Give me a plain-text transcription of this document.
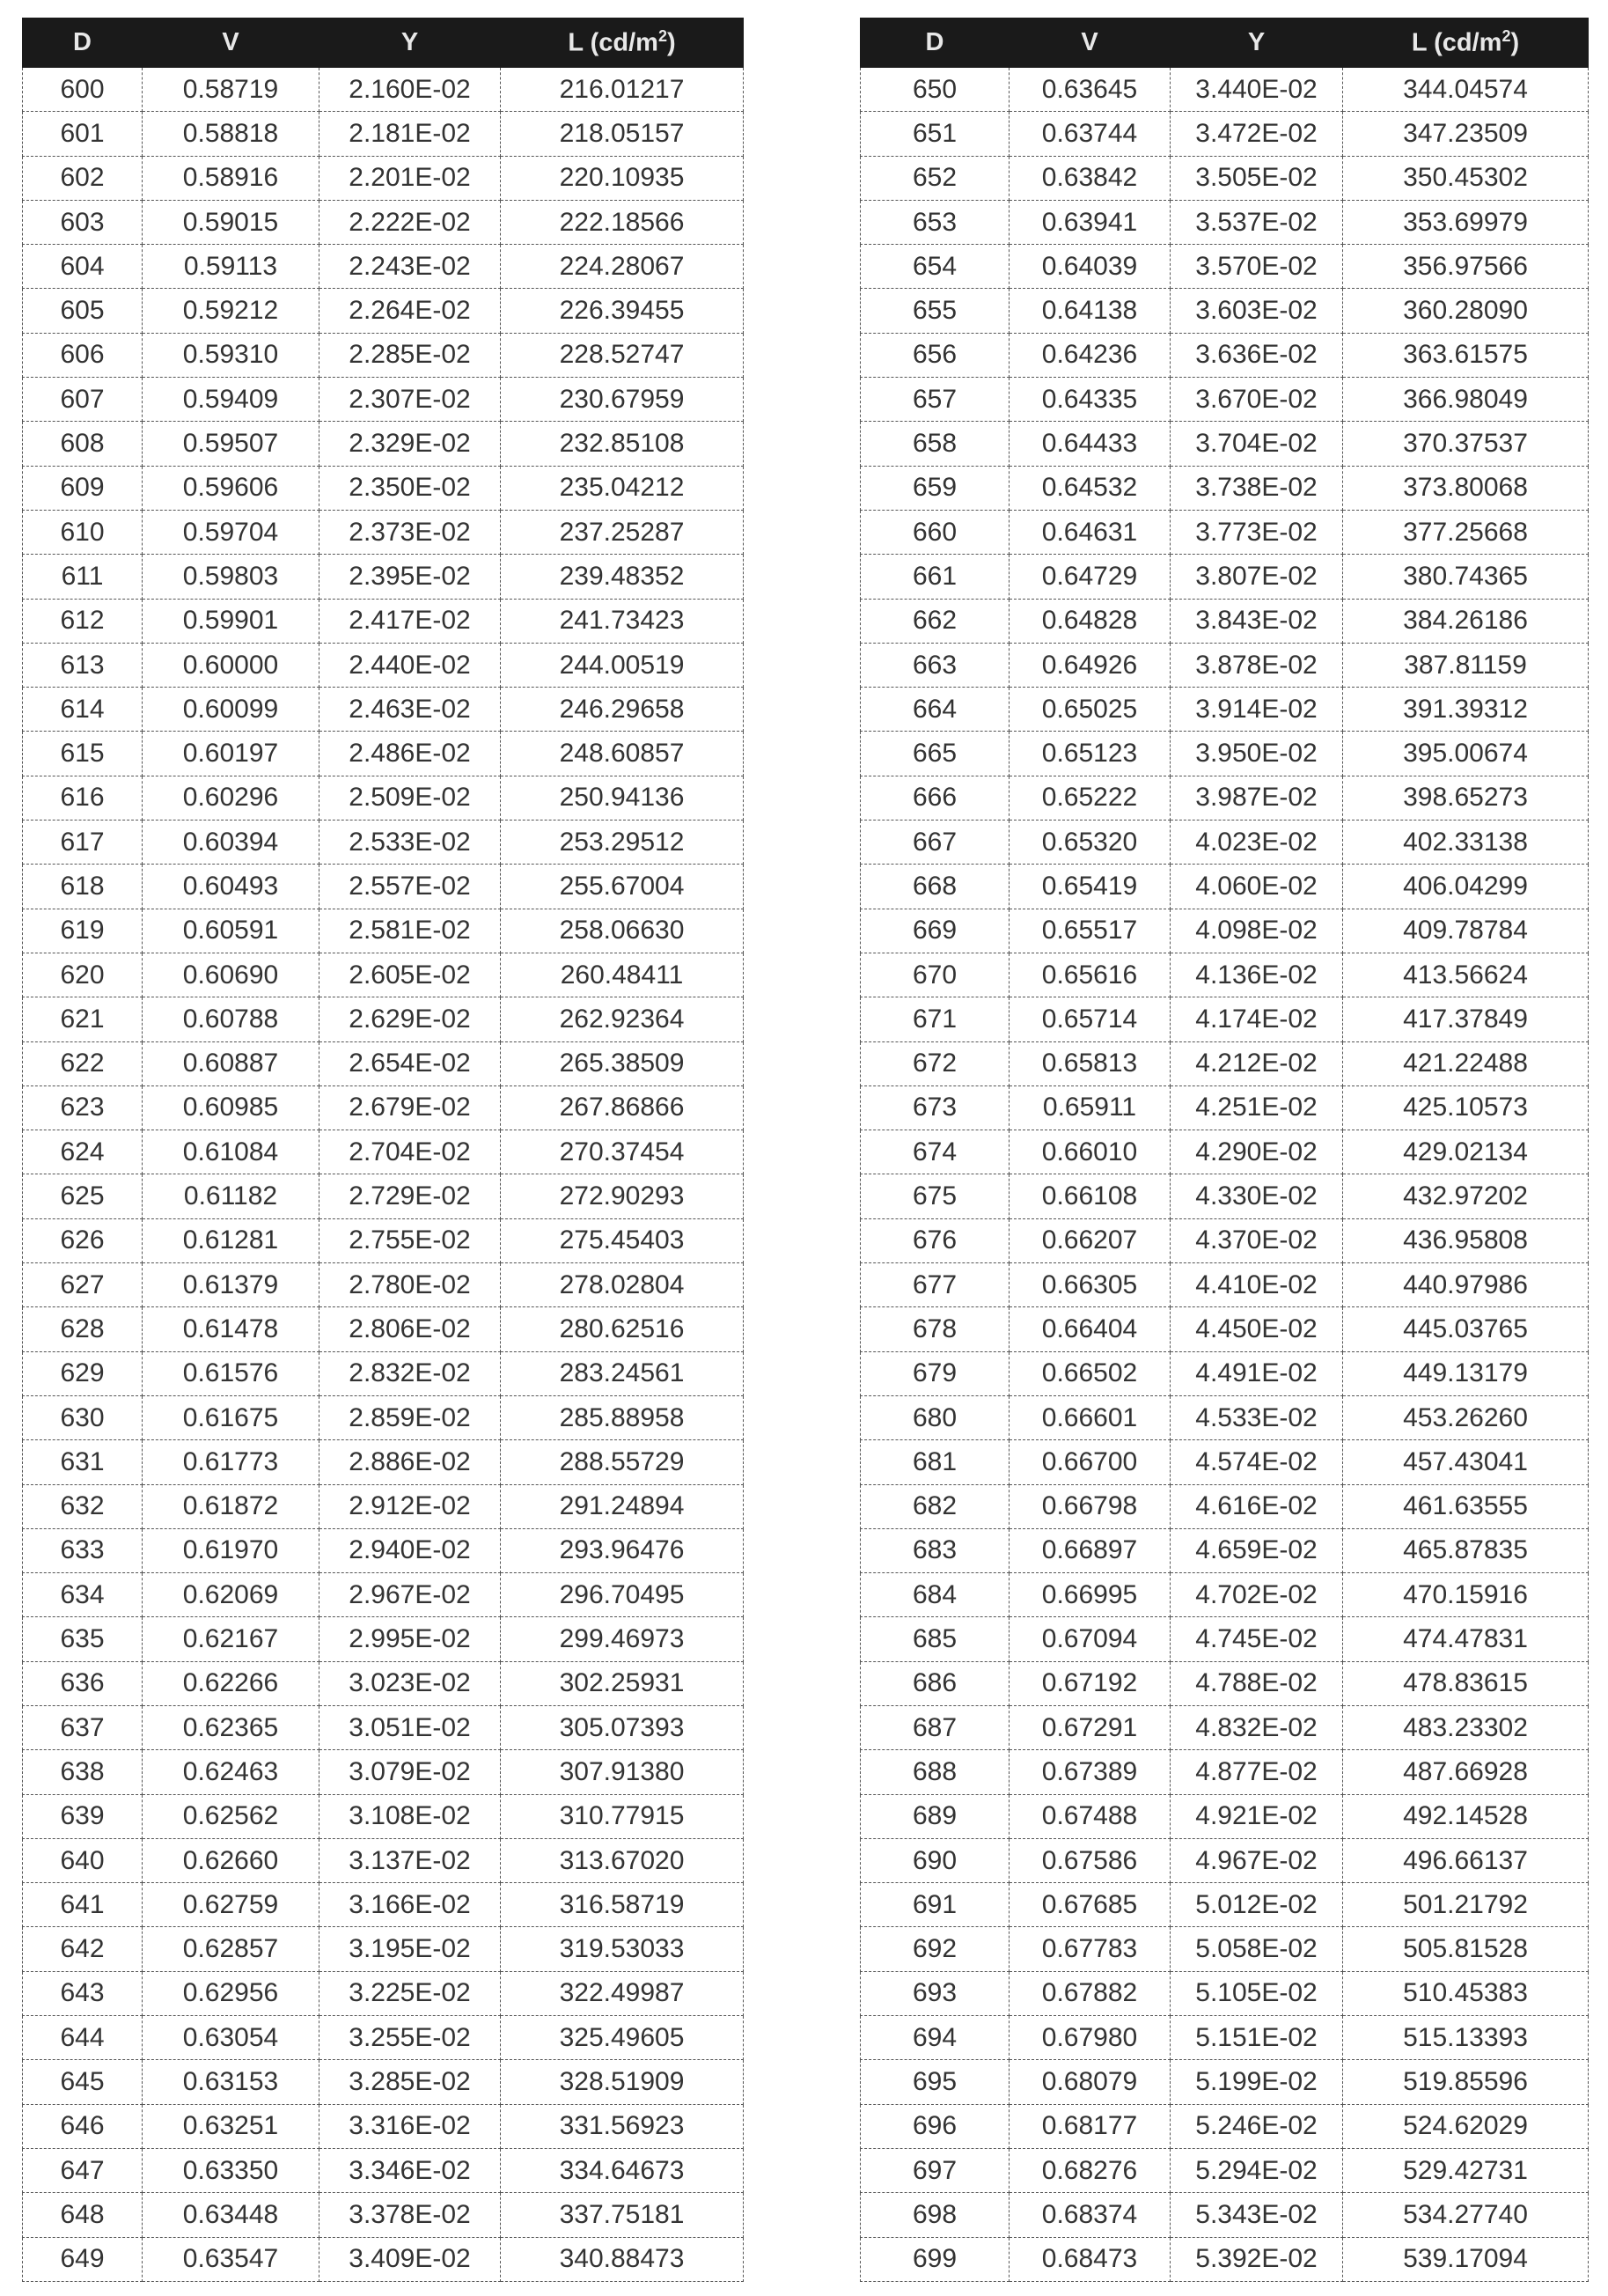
D	V	Y	L (cd/m2)
600	0.58719	2.160E-02	216.01217
601	0.58818	2.181E-02	218.05157
602	0.58916	2.201E-02	220.10935
603	0.59015	2.222E-02	222.18566
604	0.59113	2.243E-02	224.28067
605	0.59212	2.264E-02	226.39455
606	0.59310	2.285E-02	228.52747
607	0.59409	2.307E-02	230.67959
608	0.59507	2.329E-02	232.85108
609	0.59606	2.350E-02	235.04212
610	0.59704	2.373E-02	237.25287
611	0.59803	2.395E-02	239.48352
612	0.59901	2.417E-02	241.73423
613	0.60000	2.440E-02	244.00519
614	0.60099	2.463E-02	246.29658
615	0.60197	2.486E-02	248.60857
616	0.60296	2.509E-02	250.94136
617	0.60394	2.533E-02	253.29512
618	0.60493	2.557E-02	255.67004
619	0.60591	2.581E-02	258.06630
620	0.60690	2.605E-02	260.48411
621	0.60788	2.629E-02	262.92364
622	0.60887	2.654E-02	265.38509
623	0.60985	2.679E-02	267.86866
624	0.61084	2.704E-02	270.37454
625	0.61182	2.729E-02	272.90293
626	0.61281	2.755E-02	275.45403
627	0.61379	2.780E-02	278.02804
628	0.61478	2.806E-02	280.62516
629	0.61576	2.832E-02	283.24561
630	0.61675	2.859E-02	285.88958
631	0.61773	2.886E-02	288.55729
632	0.61872	2.912E-02	291.24894
633	0.61970	2.940E-02	293.96476
634	0.62069	2.967E-02	296.70495
635	0.62167	2.995E-02	299.46973
636	0.62266	3.023E-02	302.25931
637	0.62365	3.051E-02	305.07393
638	0.62463	3.079E-02	307.91380
639	0.62562	3.108E-02	310.77915
640	0.62660	3.137E-02	313.67020
641	0.62759	3.166E-02	316.58719
642	0.62857	3.195E-02	319.53033
643	0.62956	3.225E-02	322.49987
644	0.63054	3.255E-02	325.49605
645	0.63153	3.285E-02	328.51909
646	0.63251	3.316E-02	331.56923
647	0.63350	3.346E-02	334.64673
648	0.63448	3.378E-02	337.75181
649	0.63547	3.409E-02	340.88473
D	V	Y	L (cd/m2)
650	0.63645	3.440E-02	344.04574
651	0.63744	3.472E-02	347.23509
652	0.63842	3.505E-02	350.45302
653	0.63941	3.537E-02	353.69979
654	0.64039	3.570E-02	356.97566
655	0.64138	3.603E-02	360.28090
656	0.64236	3.636E-02	363.61575
657	0.64335	3.670E-02	366.98049
658	0.64433	3.704E-02	370.37537
659	0.64532	3.738E-02	373.80068
660	0.64631	3.773E-02	377.25668
661	0.64729	3.807E-02	380.74365
662	0.64828	3.843E-02	384.26186
663	0.64926	3.878E-02	387.81159
664	0.65025	3.914E-02	391.39312
665	0.65123	3.950E-02	395.00674
666	0.65222	3.987E-02	398.65273
667	0.65320	4.023E-02	402.33138
668	0.65419	4.060E-02	406.04299
669	0.65517	4.098E-02	409.78784
670	0.65616	4.136E-02	413.56624
671	0.65714	4.174E-02	417.37849
672	0.65813	4.212E-02	421.22488
673	0.65911	4.251E-02	425.10573
674	0.66010	4.290E-02	429.02134
675	0.66108	4.330E-02	432.97202
676	0.66207	4.370E-02	436.95808
677	0.66305	4.410E-02	440.97986
678	0.66404	4.450E-02	445.03765
679	0.66502	4.491E-02	449.13179
680	0.66601	4.533E-02	453.26260
681	0.66700	4.574E-02	457.43041
682	0.66798	4.616E-02	461.63555
683	0.66897	4.659E-02	465.87835
684	0.66995	4.702E-02	470.15916
685	0.67094	4.745E-02	474.47831
686	0.67192	4.788E-02	478.83615
687	0.67291	4.832E-02	483.23302
688	0.67389	4.877E-02	487.66928
689	0.67488	4.921E-02	492.14528
690	0.67586	4.967E-02	496.66137
691	0.67685	5.012E-02	501.21792
692	0.67783	5.058E-02	505.81528
693	0.67882	5.105E-02	510.45383
694	0.67980	5.151E-02	515.13393
695	0.68079	5.199E-02	519.85596
696	0.68177	5.246E-02	524.62029
697	0.68276	5.294E-02	529.42731
698	0.68374	5.343E-02	534.27740
699	0.68473	5.392E-02	539.17094
